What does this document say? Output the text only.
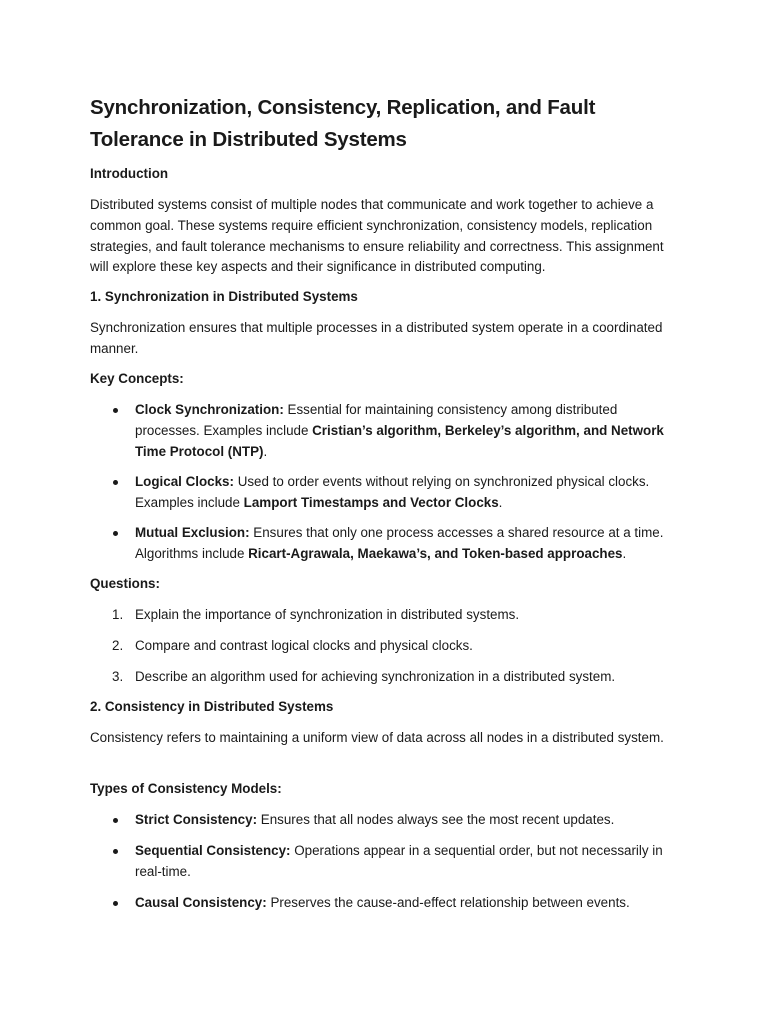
Synchronization, Consistency, Replication, and Fault Tolerance in Distributed Systems
Introduction
Distributed systems consist of multiple nodes that communicate and work together to achieve a common goal. These systems require efficient synchronization, consistency models, replication strategies, and fault tolerance mechanisms to ensure reliability and correctness. This assignment will explore these key aspects and their significance in distributed computing.
1. Synchronization in Distributed Systems
Synchronization ensures that multiple processes in a distributed system operate in a coordinated manner.
Key Concepts:
Clock Synchronization: Essential for maintaining consistency among distributed processes. Examples include Cristian’s algorithm, Berkeley’s algorithm, and Network Time Protocol (NTP).
Logical Clocks: Used to order events without relying on synchronized physical clocks. Examples include Lamport Timestamps and Vector Clocks.
Mutual Exclusion: Ensures that only one process accesses a shared resource at a time. Algorithms include Ricart-Agrawala, Maekawa’s, and Token-based approaches.
Questions:
1. Explain the importance of synchronization in distributed systems.
2. Compare and contrast logical clocks and physical clocks.
3. Describe an algorithm used for achieving synchronization in a distributed system.
2. Consistency in Distributed Systems
Consistency refers to maintaining a uniform view of data across all nodes in a distributed system.
Types of Consistency Models:
Strict Consistency: Ensures that all nodes always see the most recent updates.
Sequential Consistency: Operations appear in a sequential order, but not necessarily in real-time.
Causal Consistency: Preserves the cause-and-effect relationship between events.
